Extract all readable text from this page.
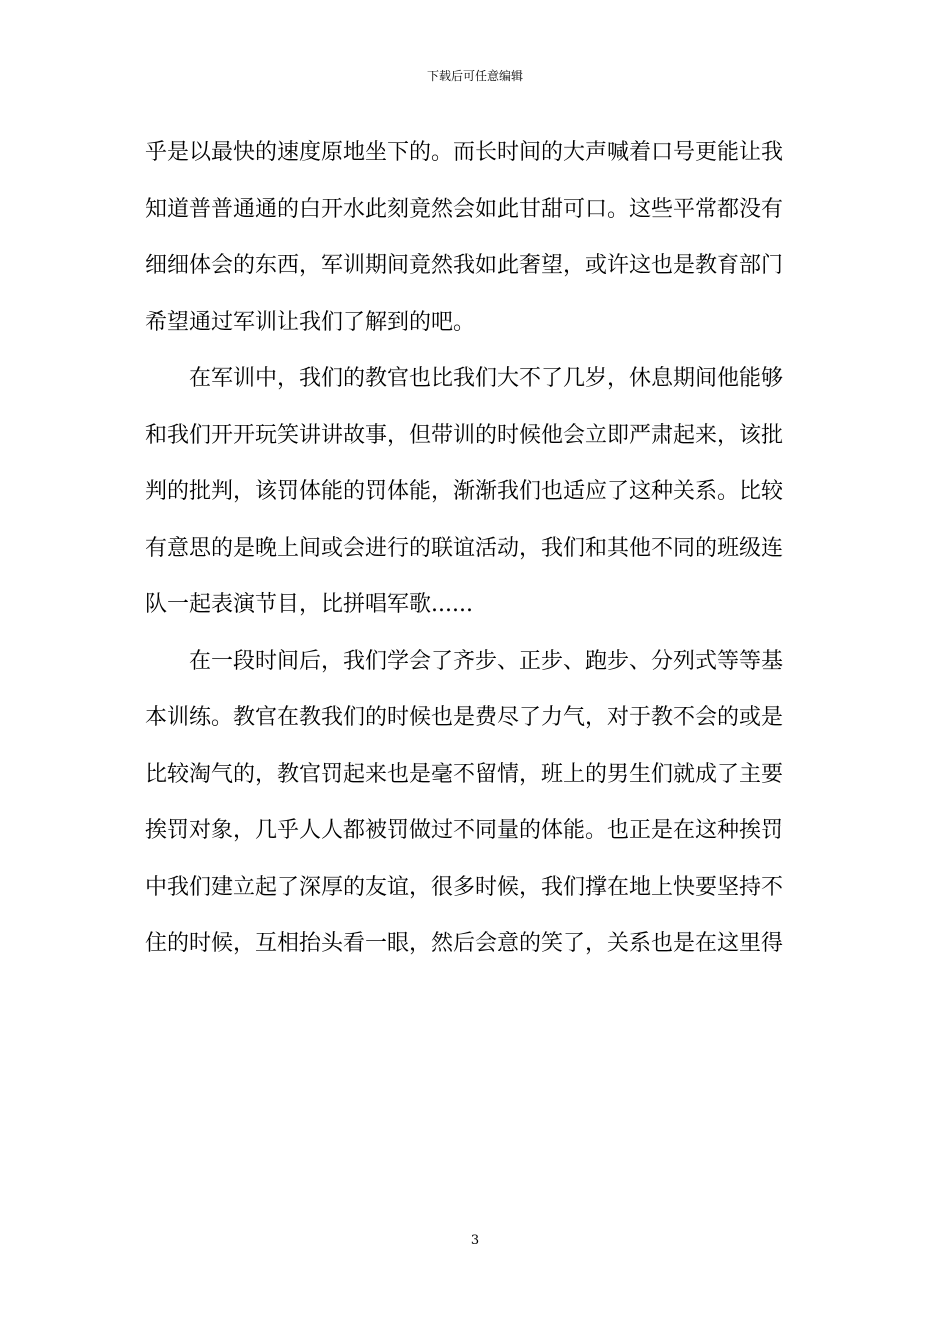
下载后可任意编辑
乎是以最快的速度原地坐下的。而长时间的大声喊着口号更能让我
知道普普通通的白开水此刻竟然会如此甘甜可口。这些平常都没有
细细体会的东西，军训期间竟然我如此奢望，或许这也是教育部门
希望通过军训让我们了解到的吧。
在军训中，我们的教官也比我们大不了几岁，休息期间他能够
和我们开开玩笑讲讲故事，但带训的时候他会立即严肃起来，该批
判的批判，该罚体能的罚体能，渐渐我们也适应了这种关系。比较
有意思的是晚上间或会进行的联谊活动，我们和其他不同的班级连
队一起表演节目，比拼唱军歌......
在一段时间后，我们学会了齐步、正步、跑步、分列式等等基
本训练。教官在教我们的时候也是费尽了力气，对于教不会的或是
比较淘气的，教官罚起来也是毫不留情，班上的男生们就成了主要
挨罚对象，几乎人人都被罚做过不同量的体能。也正是在这种挨罚
中我们建立起了深厚的友谊，很多时候，我们撑在地上快要坚持不
住的时候，互相抬头看一眼，然后会意的笑了，关系也是在这里得
3
